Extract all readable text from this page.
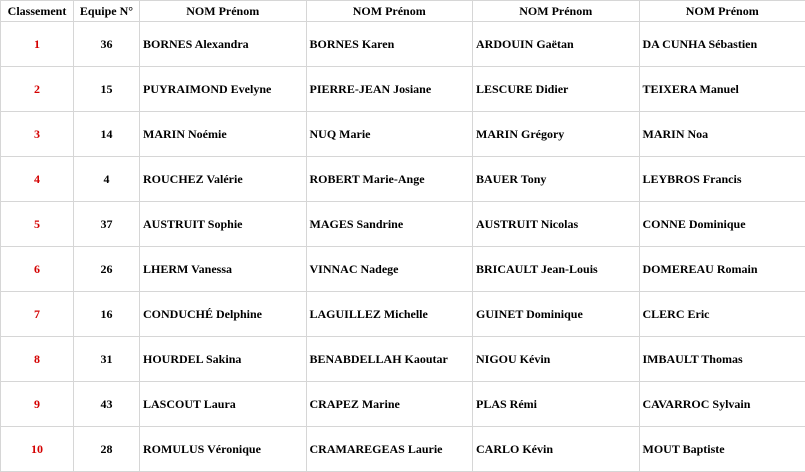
Classement	Equipe N°	NOM Prénom	NOM Prénom	NOM Prénom	NOM Prénom
1	36	BORNES Alexandra	BORNES Karen	ARDOUIN Gaëtan	DA CUNHA Sébastien
2	15	PUYRAIMOND Evelyne	PIERRE-JEAN Josiane	LESCURE Didier	TEIXERA Manuel
3	14	MARIN Noémie	NUQ Marie	MARIN Grégory	MARIN Noa
4	4	ROUCHEZ Valérie	ROBERT Marie-Ange	BAUER Tony	LEYBROS Francis
5	37	AUSTRUIT Sophie	MAGES Sandrine	AUSTRUIT Nicolas	CONNE Dominique
6	26	LHERM Vanessa	VINNAC Nadege	BRICAULT Jean-Louis	DOMEREAU Romain
7	16	CONDUCHÉ Delphine	LAGUILLEZ Michelle	GUINET Dominique	CLERC Eric
8	31	HOURDEL Sakina	BENABDELLAH Kaoutar	NIGOU Kévin	IMBAULT Thomas
9	43	LASCOUT Laura	CRAPEZ Marine	PLAS Rémi	CAVARROC Sylvain
10	28	ROMULUS Véronique	CRAMAREGEAS Laurie	CARLO Kévin	MOUT Baptiste
